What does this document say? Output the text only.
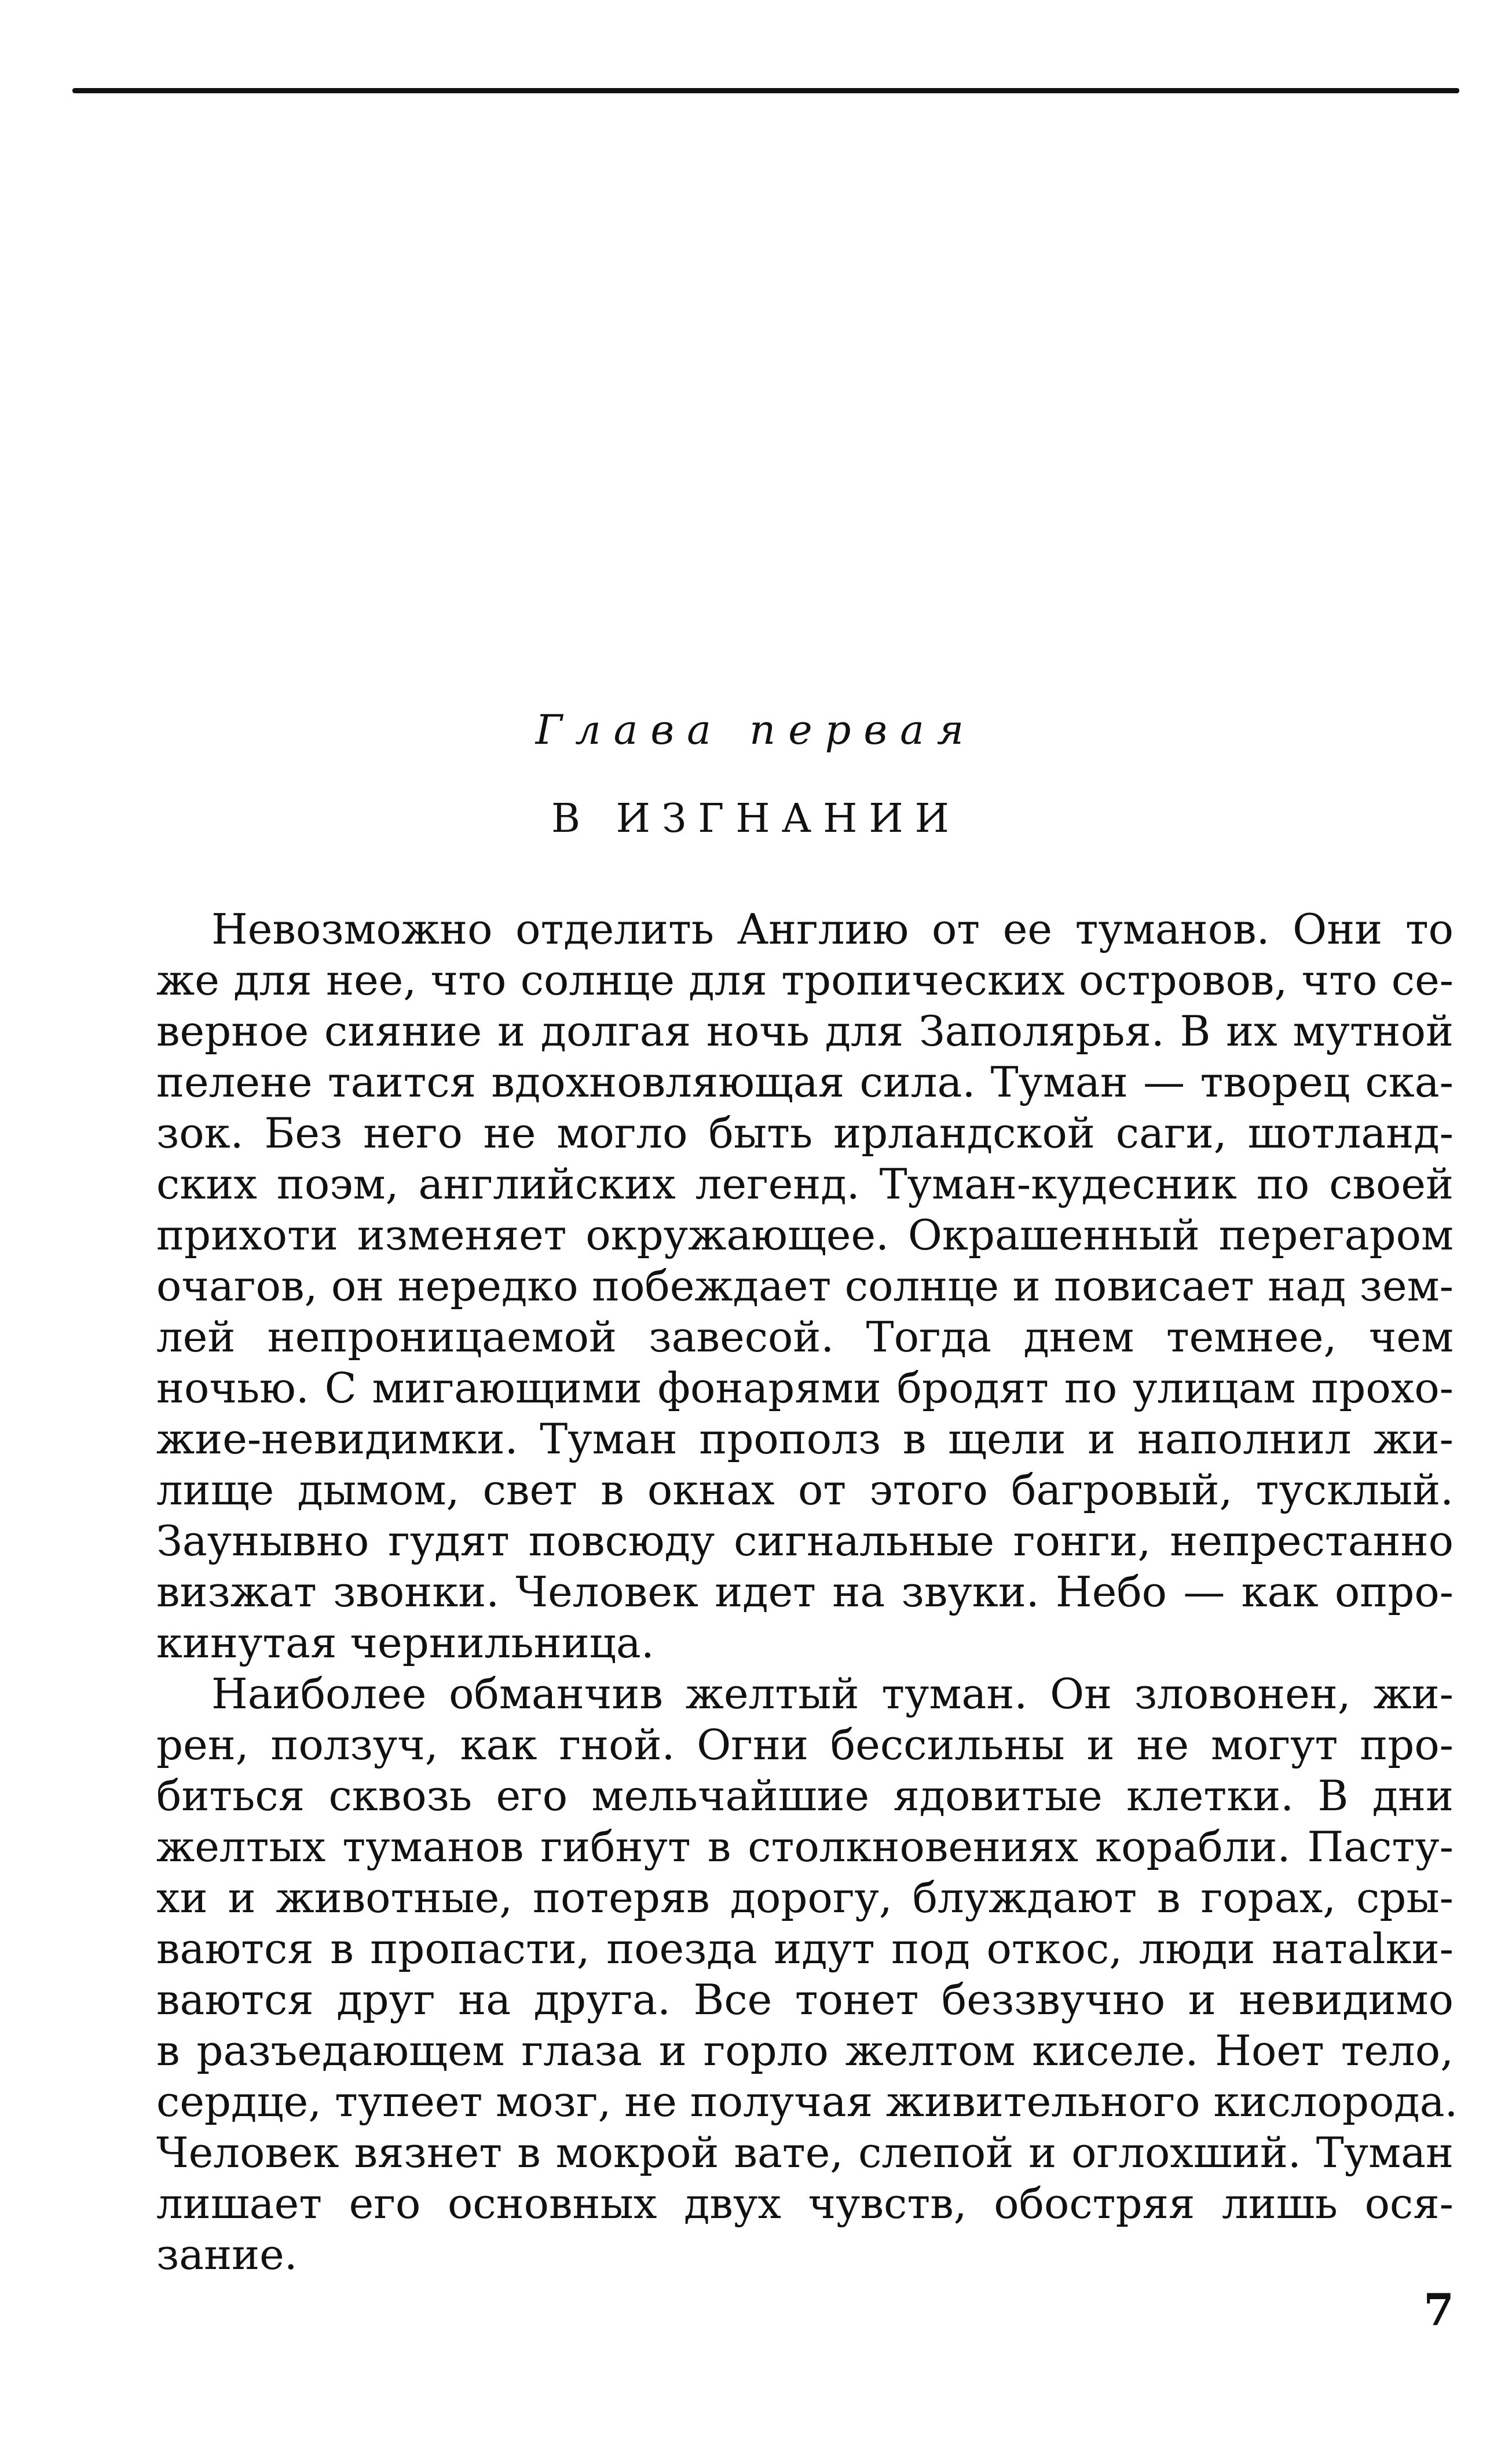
Глава первая
В ИЗГНАНИИ
Невозможно отделить Англию от ее туманов. Они то
же для нее, что солнце для тропических островов, что се-
верное сияние и долгая ночь для Заполярья. В их мутной
пелене таится вдохновляющая сила. Туман — творец ска-
зок. Без него не могло быть ирландской саги, шотланд-
ских поэм, английских легенд. Туман-кудесник по своей
прихоти изменяет окружающее. Окрашенный перегаром
очагов, он нередко побеждает солнце и повисает над зем-
лей непроницаемой завесой. Тогда днем темнее, чем
ночью. С мигающими фонарями бродят по улицам прохо-
жие-невидимки. Туман прополз в щели и наполнил жи-
лище дымом, свет в окнах от этого багровый, тусклый.
Заунывно гудят повсюду сигнальные гонги, непрестанно
визжат звонки. Человек идет на звуки. Небо — как опро-
кинутая чернильница.
Наиболее обманчив желтый туман. Он зловонен, жи-
рен, ползуч, как гной. Огни бессильны и не могут про-
биться сквозь его мельчайшие ядовитые клетки. В дни
желтых туманов гибнут в столкновениях корабли. Пасту-
хи и животные, потеряв дорогу, блуждают в горах, сры-
ваются в пропасти, поезда идут под откос, люди натalки-
ваются друг на друга. Все тонет беззвучно и невидимо
в разъедающем глаза и горло желтом киселе. Ноет тело,
сердце, тупеет мозг, не получая живительного кислорода.
Человек вязнет в мокрой вате, слепой и оглохший. Туман
лишает его основных двух чувств, обостряя лишь ося-
зание.
7
